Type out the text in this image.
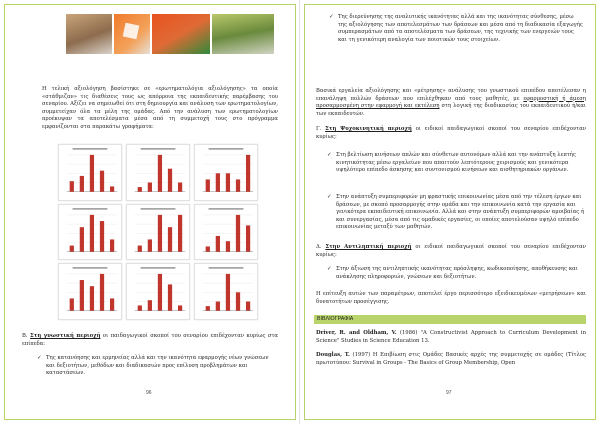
Η τελική αξιολόγηση βασίστηκε σε «ερωτηματολόγια αξιολόγησης» τα οποία «στάθμιζαν» τις διαθέσεις τους ως απόρροια της εκπαιδευτικής παρέμβασης του σεναρίου. Αξίζει να σημειωθεί ότι στη δημιουργία και ανάλυση των ερωτηματολογίων, συμμετείχαν όλα τα μέλη της ομάδας. Από την ανάλυση των ερωτηματολογίων προέκυψαν τα αποτελέσματα μέσα από τη συμμετοχή τους στο πρόγραμμα εμφανίζονται στα παρακάτω γραφήματα:
Β. Στη γνωστική περιοχή οι παιδαγωγικοί σκοποί του σεναρίου επιδέχονταν κυρίως στα επίπεδα:
✓ Της κατανόησης και ερμηνείας αλλά και την ικανότητα εφαρμογής νέων γνώσεων και δεξιοτήτων, μεθόδων και διαδικασιών προς επίλυση προβλημάτων και καταστάσεων.
96
✓ Της διερεύνησης της αναλυτικής ικανότητας αλλά και της ικανότητας σύνθεσης, μέσω της αξιολόγησης των αποτελεσμάτων των δράσεων και μέσα από τη διαδικασία εξαγωγής συμπερασμάτων από τα αποτελέσματα των δράσεων, της τεχνικής των ενεργειών τους και τη γενικότερη αναλογία των ποιοτικών τους στοιχείων.
Βασικά εργαλεία αξιολόγησης και «μέτρησης» ανάλυσης του γνωστικού επιπέδου αποτέλεσαν η επανάληψη πολλών δράσεων που επιλέχθηκαν από τους μαθητές, με εφαρμοστική ή άμεση προσαρμοσμένη στην εφαρμογή και εκτέλεση στη λογική της διαδικασίας του εκπαιδευτικού ή/και των εκπαιδευτών.
Γ. Στη Ψυχοκινητική περιοχή οι ειδικοί παιδαγωγικοί σκοποί του σεναρίου επιδέχονταν κυρίως:
✓ Στη βελτίωση κινήσεων απλών και σύνθετων αυτονόμων αλλά και την ανάπτυξη λεπτής κινητικότητας μέσω εργαλείων που απαιτούν λεπτότερους χειρισμούς και γενικότερα υψηλότερο επίπεδο άσκησης και συντονισμού κινήσεων και αισθητηριακών οργάνων.
✓ Στην ανάπτυξη συμπεριφορών μη φραστικής επικοινωνίας μέσα από την τέλεση έργων και δράσεων, με σκοπό προσαρμογής στην ομάδα και την επικοινωνία κατά την εργασία και γενικότερα εκπαιδευτική επικοινωνία. Αλλά και στην ανάπτυξη συμπεριφορών αμοιβαίας ή και συνεργασίας, μέσα από τις ομαδικές εργασίες, οι οποίες αποτελούσαν υψηλό επίπεδο επικοινωνίας μεταξύ των μαθητών.
Δ. Στην Αντιληπτική περιοχή οι ειδικοί παιδαγωγικοί σκοποί του σεναρίου επιδέχονταν κυρίως:
✓ Στην άξιωση της αντιληπτικής ικανότητας πρόσληψης, κωδικοποίησης, αποθήκευσης και ανάκλησης πληροφοριών, γνώσεων και δεξιοτήτων.
Η επίτευξη αυτών των παραμέτρων, αποτελεί έργο περισσότερο εξειδικευμένων «μετρήσεων» και δυνατοτήτων προσέγγισης.
ΒΙΒΛΙΟΓΡΑΦΙΑ
Driver, R. and Oldham, V. (1986) "A Constructivist Approach to Curriculum Development in Science" Studies in Science Education 13.
Douglas, T. (1997) Η Επιβίωση στις Ομάδες Βασικές αρχές της συμμετοχής σε ομάδες (Τίτλος πρωτοτύπου: Survival in Groups - The Basics of Group Membership, Open
97
